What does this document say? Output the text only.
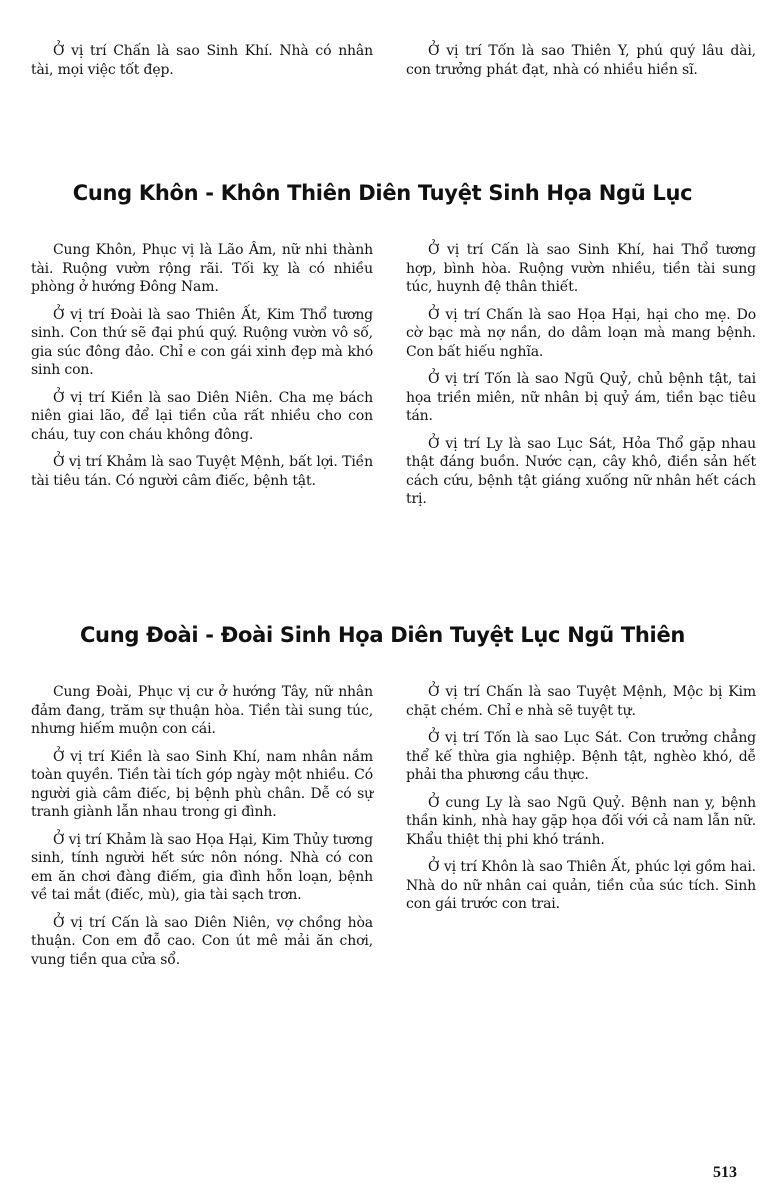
Ở vị trí Chấn là sao Sinh Khí. Nhà có nhân tài, mọi việc tốt đẹp.

Ở vị trí Tốn là sao Thiên Y, phú quý lâu dài, con trưởng phát đạt, nhà có nhiều hiền sĩ.

Cung Khôn - Khôn Thiên Diên Tuyệt Sinh Họa Ngũ Lục

Cung Khôn, Phục vị là Lão Âm, nữ nhi thành tài. Ruộng vườn rộng rãi. Tối kỵ là có nhiều phòng ở hướng Đông Nam.

Ở vị trí Đoài là sao Thiên Ất, Kim Thổ tương sinh. Con thứ sẽ đại phú quý. Ruộng vườn vô số, gia súc đông đảo. Chỉ e con gái xinh đẹp mà khó sinh con.

Ở vị trí Kiền là sao Diên Niên. Cha mẹ bách niên giai lão, để lại tiền của rất nhiều cho con cháu, tuy con cháu không đông.

Ở vị trí Khảm là sao Tuyệt Mệnh, bất lợi. Tiền tài tiêu tán. Có người câm điếc, bệnh tật.

Ở vị trí Cấn là sao Sinh Khí, hai Thổ tương hợp, bình hòa. Ruộng vườn nhiều, tiền tài sung túc, huynh đệ thân thiết.

Ở vị trí Chấn là sao Họa Hại, hại cho mẹ. Do cờ bạc mà nợ nần, do dâm loạn mà mang bệnh. Con bất hiếu nghĩa.

Ở vị trí Tốn là sao Ngũ Quỷ, chủ bệnh tật, tai họa triền miên, nữ nhân bị quỷ ám, tiền bạc tiêu tán.

Ở vị trí Ly là sao Lục Sát, Hỏa Thổ gặp nhau thật đáng buồn. Nước cạn, cây khô, điền sản hết cách cứu, bệnh tật giáng xuống nữ nhân hết cách trị.

Cung Đoài - Đoài Sinh Họa Diên Tuyệt Lục Ngũ Thiên

Cung Đoài, Phục vị cư ở hướng Tây, nữ nhân đảm đang, trăm sự thuận hòa. Tiền tài sung túc, nhưng hiếm muộn con cái.

Ở vị trí Kiền là sao Sinh Khí, nam nhân nắm toàn quyền. Tiền tài tích góp ngày một nhiều. Có người già câm điếc, bị bệnh phù chân. Dễ có sự tranh giành lẫn nhau trong gi đình.

Ở vị trí Khảm là sao Họa Hại, Kim Thủy tương sinh, tính người hết sức nôn nóng. Nhà có con em ăn chơi đàng điếm, gia đình hỗn loạn, bệnh về tai mắt (điếc, mù), gia tài sạch trơn.

Ở vị trí Cấn là sao Diên Niên, vợ chồng hòa thuận. Con em đỗ cao. Con út mê mải ăn chơi, vung tiền qua cửa sổ.

Ở vị trí Chấn là sao Tuyệt Mệnh, Mộc bị Kim chặt chém. Chỉ e nhà sẽ tuyệt tự.

Ở vị trí Tốn là sao Lục Sát. Con trưởng chẳng thể kế thừa gia nghiệp. Bệnh tật, nghèo khó, dễ phải tha phương cầu thực.

Ở cung Ly là sao Ngũ Quỷ. Bệnh nan y, bệnh thần kinh, nhà hay gặp họa đối với cả nam lẫn nữ. Khẩu thiệt thị phi khó tránh.

Ở vị trí Khôn là sao Thiên Ất, phúc lợi gồm hai. Nhà do nữ nhân cai quản, tiền của súc tích. Sinh con gái trước con trai.

513
